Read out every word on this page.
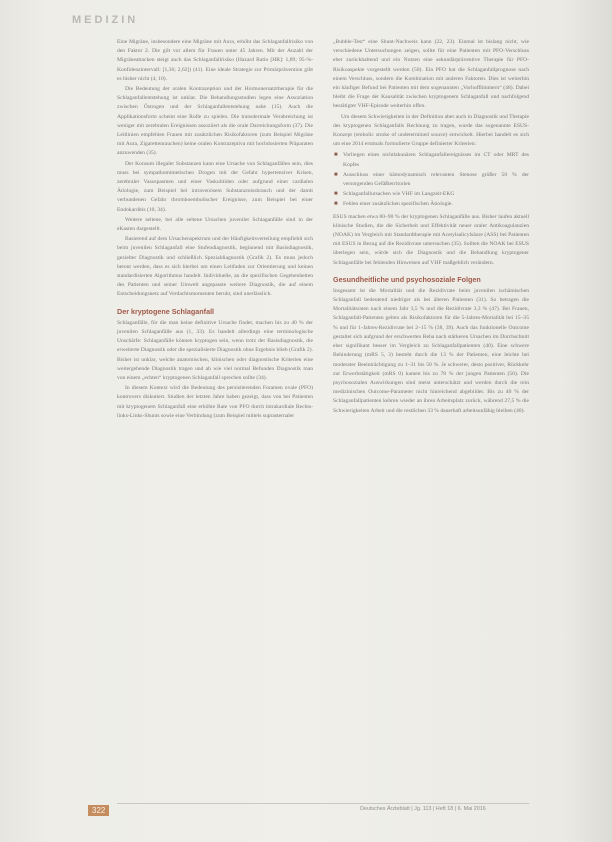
MEDIZIN

Eine Migräne, insbesondere eine Migräne mit Aura, erhöht das Schlaganfallrisiko von den Faktor 2. Die gilt vor allem für Frauen unter 45 Jahren. Mit der Anzahl der Migräneattacken steigt auch das Schlaganfallrisiko (Hazard Ratio [HR]: 1,89; 95-%-Konfidenzintervall: [1,36; 2,62]) (41). Eine ideale Strategie zur Primärprävention gibt es bisher nicht (4, 10).

Die Bedeutung der oralen Kontrazeption und der Hormonersatztherapie für die Schlaganfallentstehung ist unklar. Die Behandlungsstudien legen eine Assoziation zwischen Östrogen und der Schlaganfallentstehung nahe (15). Auch die Applikationsform scheint eine Rolle zu spielen. Die transdermale Verabreichung ist weniger mit zerebralen Ereignissen assoziiert als die orale Darreichungsform (37). Die Leitlinien empfehlen Frauen mit zusätzlichen Risikofaktoren (zum Beispiel Migräne mit Aura, Zigarettenrauchen) keine oralen Kontrazeptiva mit hochdosierten Präparaten anzuwenden (35).

Der Konsum illegaler Substanzen kann eine Ursache von Schlaganfällen sein, dies muss bei sympathomimetischen Drogen mit der Gefahr hypertensiver Krisen, zerebraler Vasospasmen und einer Vaskulitiden oder aufgrund einer cardialen Ätiologie, zum Beispiel bei intravenösem Substanzmissbrauch und der damit verbundenen Gefahr thromboembolischer Ereignisse, zum Beispiel bei einer Endokarditis (10, 34).

Weitere seltene, bei alle seltene Ursachen juveniler Schlaganfälle sind in der eKasten dargestellt.

Basierend auf dem Ursachenspektrum und der Häufigkeitsverteilung empfiehlt sich beim juvenilen Schlaganfall eine Stufendiagnostik, beginnend mit Basisdiagnostik, gezielter Diagnostik und schließlich Spezialdiagnostik (Grafik 2). Es muss jedoch betont werden, dass es sich hierbei um einen Leitfaden zur Orientierung und keinen standardisierten Algorithmus handelt. Individuelle, an die spezifischen Gegebenheiten des Patienten und seiner Umwelt angepasste weitere Diagnostik, die auf einem Entscheidungsnetz auf Verdachtsmomenten beruht, sind unerlässlich.

Der kryptogene Schlaganfall

Schlaganfälle, für die man keine definitive Ursache findet, machen bis zu 40 % der juvenilen Schlaganfälle aus (1, 33). Es handelt allerdings eine terminologische Unschärfe: Schlaganfälle können kryptogen sein, wenn trotz der Basisdiagnostik, die erweiterte Diagnostik oder die spezialisierte Diagnostik ohne Ergebnis blieb (Grafik 2). Bisher ist unklar, welche anatomischen, klinischen oder diagnostische Kriterien eine weitergehende Diagnostik tragen und ab wie viel normal Befunden Diagnostik man von einem „echten“ kryptogenen Schlaganfall sprechen sollte (34).

In diesem Kontext wird die Bedeutung des persistierenden Foramen ovale (PFO) kontrovers diskutiert. Studien der letzten Jahre haben gezeigt, dass von bei Patienten mit kryptogenem Schlaganfall eine erhöhte Rate von PFO durch intrakardiale Rechts-links-Links-Shunts sowie eine Verbindung (zum Beispiel mittels suprasternaler

„Bubble-Test“ eine Shunt-Nachweis kann (22, 23). Einmal ist bislang nicht, wie verschiedene Untersuchungen zeigen, sollte für eine Patienten mit PFO-Verschluss eher zurückhaltend und ein Nutzen eine sekundärpräventive Therapie für PFO-Risikoaspekte vorgestellt werden (50). Ein PFO hat die Schlaganfallprognose nach einem Verschluss, sondern die Kombination mit anderen Faktoren. Dies ist weiterhin ein häufiger Befund bei Patienten mit dem sogenannten „Vorhofflimmern“ (48). Dabei bleibt die Frage der Kausalität zwischen kryptogenem Schlaganfall und nachfolgend bestätigter VHF-Episode weiterhin offen.

Um diesem Schwierigkeiten in der Definition aber auch in Diagnostik und Therapie des kryptogenen Schlaganfalls Rechnung zu tragen, wurde das sogenannte ESUS-Konzept (embolic stroke of undetermined source) entwickelt. Hierbei handelt es sich um eine 2014 erstmals formulierte Gruppe definierter Kriterien:

■ Vorliegen eines nichtlakunären Schlaganfallereignisses im CT oder MRT des Kopfes
■ Ausschluss einer hämodynamisch relevanten Stenose größer 50 % der versorgenden Gefäßterritorien
■ Schlaganfallursachen wie VHF im Langzeit-EKG
■ Fehlen einer zusätzlichen spezifischen Ätiologie.

ESUS machen etwa 80–90 % der kryptogenen Schlaganfälle aus. Bisher laufen aktuell klinische Studien, die die Sicherheit und Effektivität neuer oraler Antikoagulanzien (NOAK) im Vergleich mit Standardtherapie mit Acetylsalicylsäure (ASS) bei Patienten mit ESUS in Bezug auf die Rezidivrate untersuchen (35). Sollten die NOAK bei ESUS überlegen sein, würde sich die Diagnostik und die Behandlung kryptogener Schlaganfälle bei fehlenden Hinweisen auf VHF maßgeblich verändern.

Gesundheitliche und psychosoziale Folgen

Insgesamt ist die Mortalität und die Rezidivrate beim juvenilen ischämischen Schlaganfall bedeutend niedriger als bei älteren Patienten (31). So betragen die Mortalitätsraten nach einem Jahr 3,5 % und die Rezidivrate 3,3 % (47). Bei Frauen, Schlaganfall-Patienten gelten als Risikofaktoren für die 5-Jahres-Mortalität bei 15–35 % und für 1-Jahres-Rezidivrate bei 2–15 % (38, 39). Auch das funktionelle Outcome gestaltet sich aufgrund der erschwerten Reha nach stärkeren Ursachen im Durchschnitt eher signifikant besser im Vergleich zu Schlaganfallpatienten (40). Eine schwere Behinderung (mRS 5, 3) besteht durch die 13 % der Patienten, eine leichte bei moderater Beeinträchtigung zu 1–31 bis 50 %. Je schwerer, desto positiver, Rückkehr zur Erwerbstätigkeit (mRS 0) kamen bis zu 78 % der jungen Patienten (50). Die psychosozialen Auswirkungen sind meist unterschätzt und werden durch die rein medizinischen Outcome-Parameter nicht hinreichend abgebildet. Bis zu 40 % der Schlaganfallpatienten kehren wieder an ihren Arbeitsplatz zurück, während 27,5 % die Schwierigkeiten Arbeit und die restlichen 33 % dauerhaft arbeitsunfähig bleiben (40).

322	Deutsches Ärzteblatt | Jg. 113 | Heft 18 | 6. Mai 2016
